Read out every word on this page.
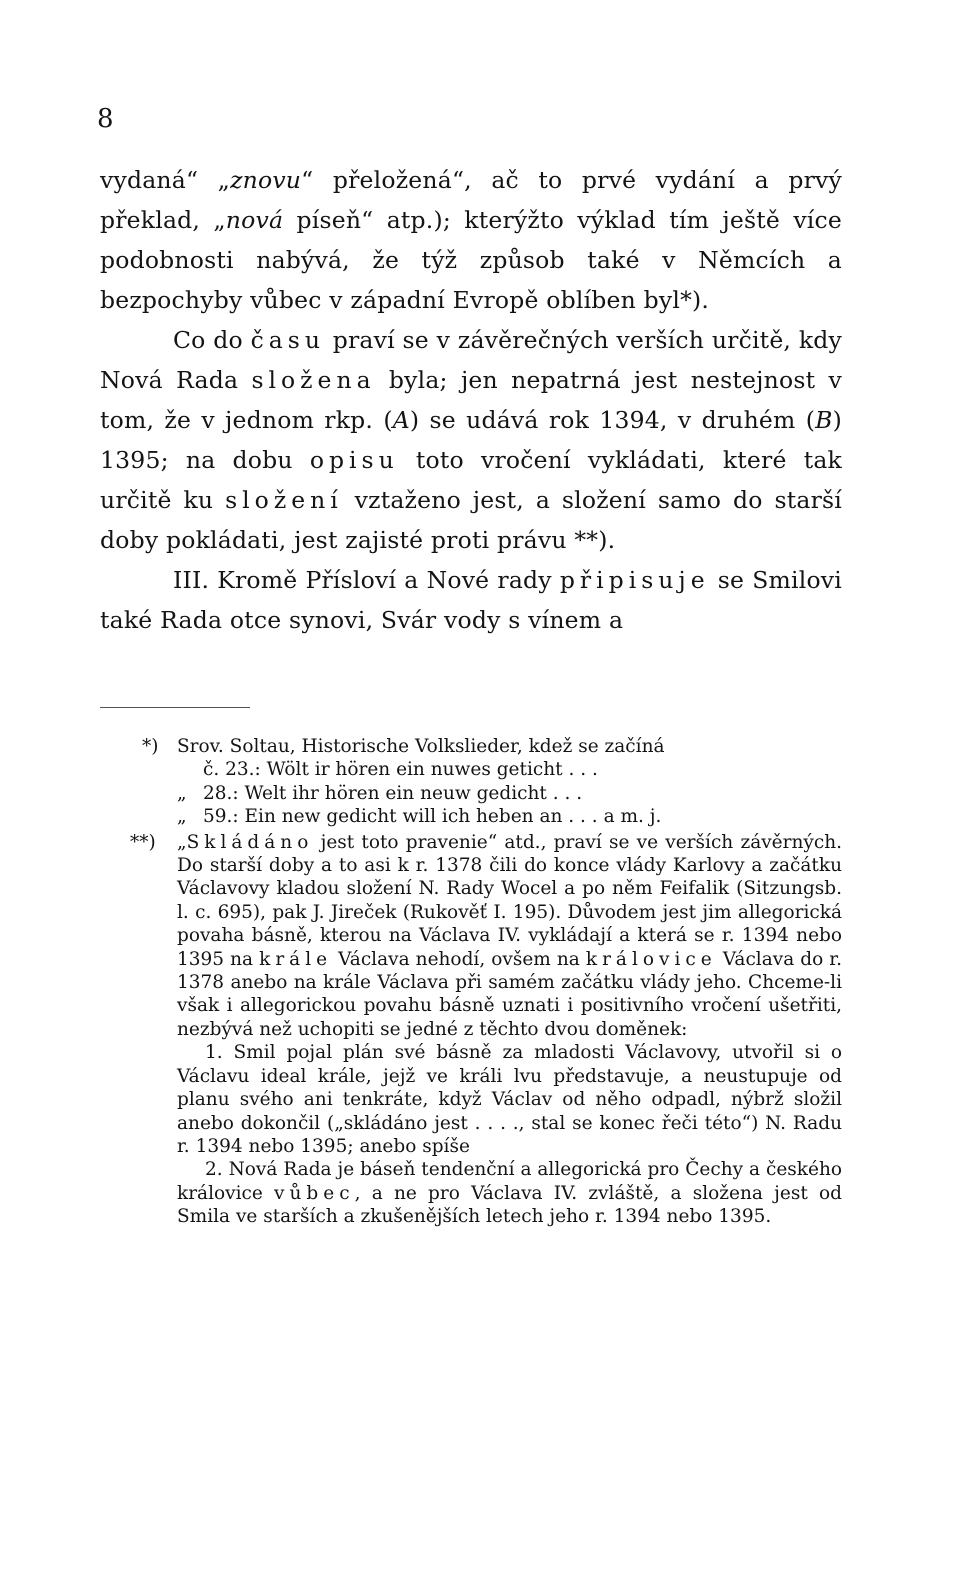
8
vydaná“ „znovu“ přeložená“, ač to prvé vydání a prvý překlad, „nová píseň“ atp.); kterýžto výklad tím ještě více podobnosti nabývá, že týž způsob také v Němcích a bezpochyby vůbec v západní Evropě oblíben byl*).
Co do času praví se v závěrečných verších určitě, kdy Nová Rada složena byla; jen nepatrná jest nestejnost v tom, že v jednom rkp. (A) se udává rok 1394, v druhém (B) 1395; na dobu opisu toto vročení vykládati, které tak určitě ku složení vztaženo jest, a složení samo do starší doby pokládati, jest zajisté proti právu **).
III. Kromě Přísloví a Nové rady připisuje se Smilovi také Rada otce synovi, Svár vody s vínem a
*) Srov. Soltau, Historische Volkslieder, kdež se začíná
č. 23.: Wölt ir hören ein nuwes geticht . . .
„ 28.: Welt ihr hören ein neuw gedicht . . .
„ 59.: Ein new gedicht will ich heben an . . . a m. j.
**) „Skládáno jest toto pravenie“ atd., praví se ve verších závěrných. Do starší doby a to asi k r. 1378 čili do konce vlády Karlovy a začátku Václavovy kladou složení N. Rady Wocel a po něm Feifalik (Sitzungsb. l. c. 695), pak J. Jireček (Rukověť I. 195). Důvodem jest jim allegorická povaha básně, kterou na Václava IV. vykládají a která se r. 1394 nebo 1395 na krále Václava nehodí, ovšem na královice Václava do r. 1378 anebo na krále Václava při samém začátku vlády jeho. Chceme-li však i allegorickou povahu básně uznati i positivního vročení ušetřiti, nezbývá než uchopiti se jedné z těchto dvou doměnek:
1. Smil pojal plán své básně za mladosti Václavovy, utvořil si o Václavu ideal krále, jejž ve králi lvu představuje, a neustupuje od planu svého ani tenkráte, když Václav od něho odpadl, nýbrž složil anebo dokončil („skládáno jest . . . ., stal se konec řeči této“) N. Radu r. 1394 nebo 1395; anebo spíše
2. Nová Rada je báseň tendenční a allegorická pro Čechy a českého královice vůbec, a ne pro Václava IV. zvláště, a složena jest od Smila ve starších a zkušenějších letech jeho r. 1394 nebo 1395.
